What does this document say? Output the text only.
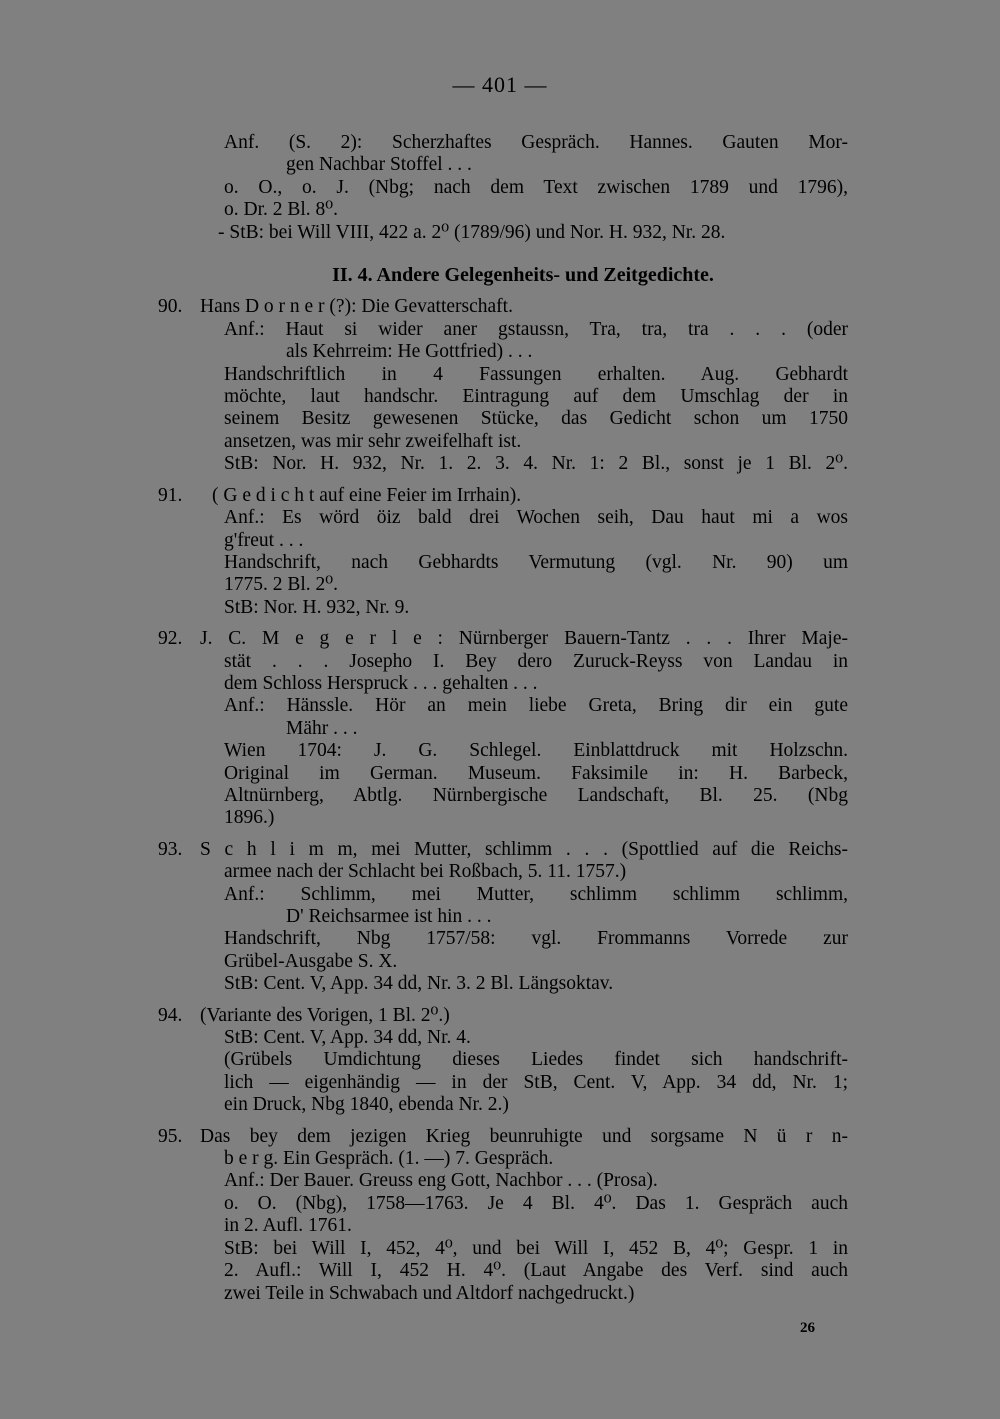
— 401 —
Anf. (S. 2): Scherzhaftes Gespräch. Hannes. Gauten Mor-
gen Nachbar Stoffel . . .
o. O., o. J. (Nbg; nach dem Text zwischen 1789 und 1796),
o. Dr. 2 Bl. 8⁰.
- StB: bei Will VIII, 422 a. 2⁰ (1789/96) und Nor. H. 932, Nr. 28.
II. 4. Andere Gelegenheits- und Zeitgedichte.
90. Hans D o r n e r (?): Die Gevatterschaft.
Anf.: Haut si wider aner gstaussn, Tra, tra, tra . . . (oder
als Kehrreim: He Gottfried) . . .
Handschriftlich in 4 Fassungen erhalten. Aug. Gebhardt
möchte, laut handschr. Eintragung auf dem Umschlag der in
seinem Besitz gewesenen Stücke, das Gedicht schon um 1750
ansetzen, was mir sehr zweifelhaft ist.
StB: Nor. H. 932, Nr. 1. 2. 3. 4. Nr. 1: 2 Bl., sonst je 1 Bl. 2⁰.
91. ( G e d i c h t auf eine Feier im Irrhain).
Anf.: Es wörd öiz bald drei Wochen seih, Dau haut mi a wos
g'freut . . .
Handschrift, nach Gebhardts Vermutung (vgl. Nr. 90) um
1775. 2 Bl. 2⁰.
StB: Nor. H. 932, Nr. 9.
92. J. C. M e g e r l e : Nürnberger Bauern-Tantz . . . Ihrer Maje-
stät . . . Josepho I. Bey dero Zuruck-Reyss von Landau in
dem Schloss Herspruck . . . gehalten . . .
Anf.: Hänssle. Hör an mein liebe Greta, Bring dir ein gute
Mähr . . .
Wien 1704: J. G. Schlegel. Einblattdruck mit Holzschn.
Original im German. Museum. Faksimile in: H. Barbeck,
Altnürnberg, Abtlg. Nürnbergische Landschaft, Bl. 25. (Nbg
1896.)
93. S c h l i m m, mei Mutter, schlimm . . . (Spottlied auf die Reichs-
armee nach der Schlacht bei Roßbach, 5. 11. 1757.)
Anf.: Schlimm, mei Mutter, schlimm schlimm schlimm,
D' Reichsarmee ist hin . . .
Handschrift, Nbg 1757/58: vgl. Frommanns Vorrede zur
Grübel-Ausgabe S. X.
StB: Cent. V, App. 34 dd, Nr. 3. 2 Bl. Längsoktav.
94. (Variante des Vorigen, 1 Bl. 2⁰.)
StB: Cent. V, App. 34 dd, Nr. 4.
(Grübels Umdichtung dieses Liedes findet sich handschrift-
lich — eigenhändig — in der StB, Cent. V, App. 34 dd, Nr. 1;
ein Druck, Nbg 1840, ebenda Nr. 2.)
95. Das bey dem jezigen Krieg beunruhigte und sorgsame N ü r n-
b e r g. Ein Gespräch. (1. —) 7. Gespräch.
Anf.: Der Bauer. Greuss eng Gott, Nachbor . . . (Prosa).
o. O. (Nbg), 1758—1763. Je 4 Bl. 4⁰. Das 1. Gespräch auch
in 2. Aufl. 1761.
StB: bei Will I, 452, 4⁰, und bei Will I, 452 B, 4⁰; Gespr. 1 in
2. Aufl.: Will I, 452 H. 4⁰. (Laut Angabe des Verf. sind auch
zwei Teile in Schwabach und Altdorf nachgedruckt.)
26
